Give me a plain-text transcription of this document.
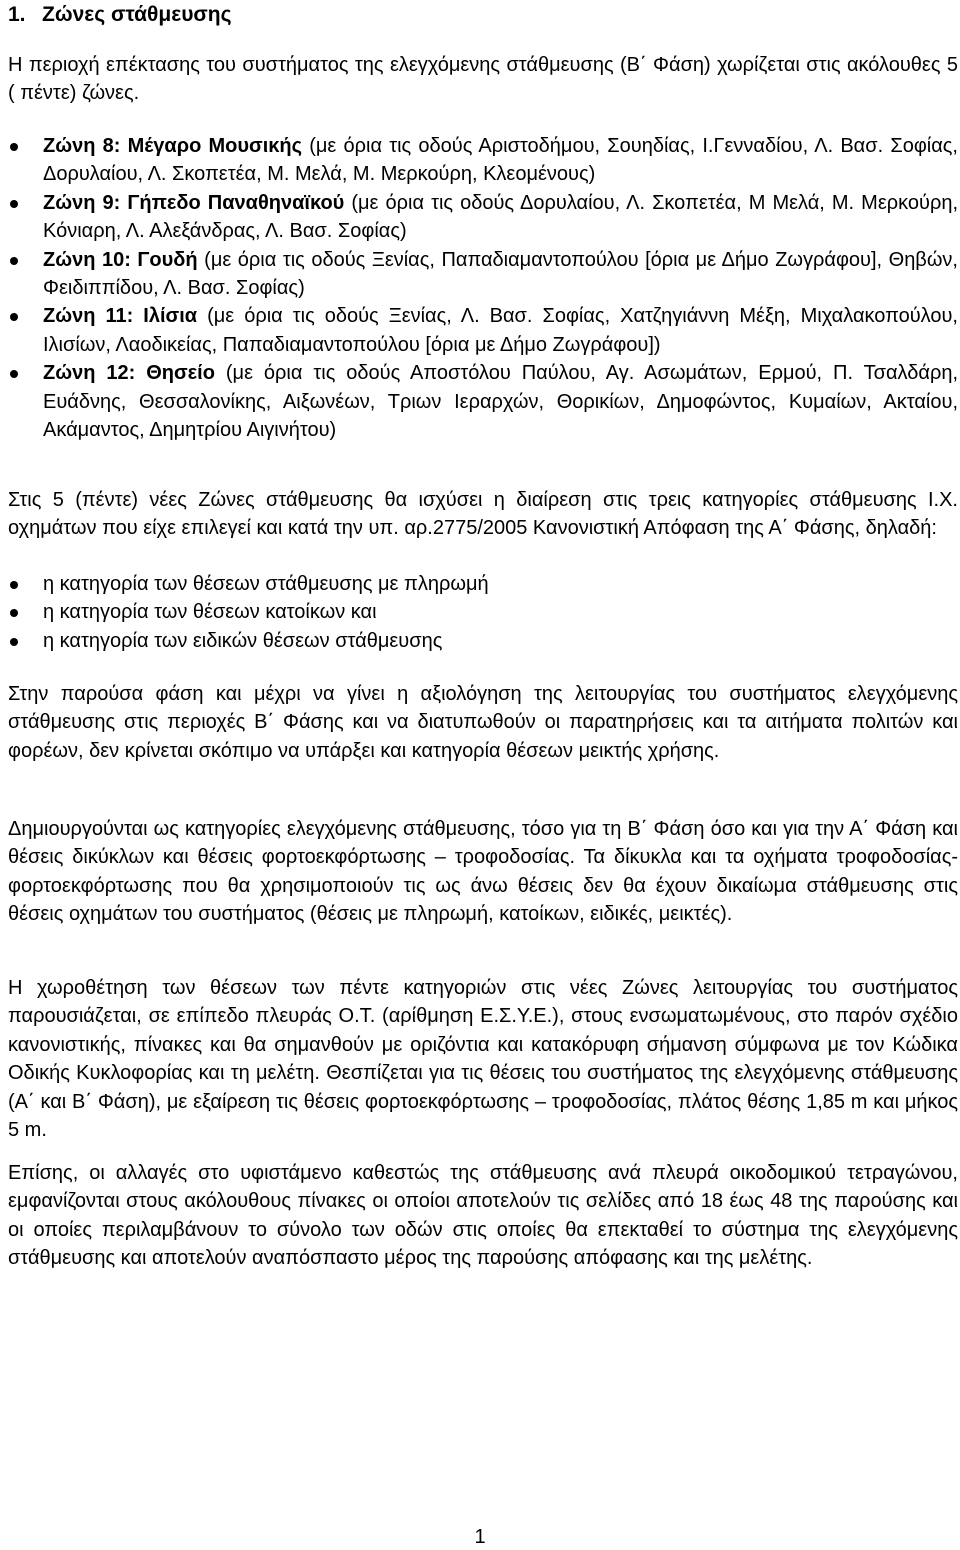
1. Ζώνες στάθμευσης

Η περιοχή επέκτασης του συστήματος της ελεγχόμενης στάθμευσης (Β΄ Φάση) χωρίζεται στις ακόλουθες 5 ( πέντε) ζώνες.

Ζώνη 8: Μέγαρο Μουσικής (με όρια τις οδούς Αριστοδήμου, Σουηδίας, Ι.Γενναδίου, Λ. Βασ. Σοφίας, Δορυλαίου, Λ. Σκοπετέα, Μ. Μελά, Μ. Μερκούρη, Κλεομένους)
Ζώνη 9: Γήπεδο Παναθηναϊκού (με όρια τις οδούς Δορυλαίου, Λ. Σκοπετέα, Μ Μελά, Μ. Μερκούρη, Κόνιαρη, Λ. Αλεξάνδρας, Λ. Βασ. Σοφίας)
Ζώνη 10: Γουδή (με όρια τις οδούς Ξενίας, Παπαδιαμαντοπούλου [όρια με Δήμο Ζωγράφου], Θηβών, Φειδιππίδου, Λ. Βασ. Σοφίας)
Ζώνη 11: Ιλίσια (με όρια τις οδούς Ξενίας, Λ. Βασ. Σοφίας, Χατζηγιάννη Μέξη, Μιχαλακοπούλου, Ιλισίων, Λαοδικείας, Παπαδιαμαντοπούλου [όρια με Δήμο Ζωγράφου])
Ζώνη 12: Θησείο (με όρια τις οδούς Αποστόλου Παύλου, Αγ. Ασωμάτων, Ερμού, Π. Τσαλδάρη, Ευάδνης, Θεσσαλονίκης, Αιξωνέων, Τριων Ιεραρχών, Θορικίων, Δημοφώντος, Κυμαίων, Ακταίου, Ακάμαντος, Δημητρίου Αιγινήτου)

Στις 5 (πέντε) νέες Ζώνες στάθμευσης θα ισχύσει η διαίρεση στις τρεις κατηγορίες στάθμευσης Ι.Χ. οχημάτων που είχε επιλεγεί και κατά την υπ. αρ.2775/2005 Κανονιστική Απόφαση της Α΄ Φάσης, δηλαδή:

η κατηγορία των θέσεων στάθμευσης με πληρωμή
η κατηγορία των θέσεων κατοίκων και
η κατηγορία των ειδικών θέσεων στάθμευσης

Στην παρούσα φάση και μέχρι να γίνει η αξιολόγηση της λειτουργίας του συστήματος ελεγχόμενης στάθμευσης στις περιοχές Β΄ Φάσης και να διατυπωθούν οι παρατηρήσεις και τα αιτήματα πολιτών και φορέων, δεν κρίνεται σκόπιμο να υπάρξει και κατηγορία θέσεων μεικτής χρήσης.

Δημιουργούνται ως κατηγορίες ελεγχόμενης στάθμευσης, τόσο για τη Β΄ Φάση όσο και για την Α΄ Φάση και θέσεις δικύκλων και θέσεις φορτοεκφόρτωσης – τροφοδοσίας. Τα δίκυκλα και τα οχήματα τροφοδοσίας-φορτοεκφόρτωσης που θα χρησιμοποιούν τις ως άνω θέσεις δεν θα έχουν δικαίωμα στάθμευσης στις θέσεις οχημάτων του συστήματος (θέσεις με πληρωμή, κατοίκων, ειδικές, μεικτές).

Η χωροθέτηση των θέσεων των πέντε κατηγοριών στις νέες Ζώνες λειτουργίας του συστήματος παρουσιάζεται, σε επίπεδο πλευράς Ο.Τ. (αρίθμηση Ε.Σ.Υ.Ε.), στους ενσωματωμένους, στο παρόν σχέδιο κανονιστικής, πίνακες και θα σημανθούν με οριζόντια και κατακόρυφη σήμανση σύμφωνα με τον Κώδικα Οδικής Κυκλοφορίας και τη μελέτη. Θεσπίζεται για τις θέσεις του συστήματος της ελεγχόμενης στάθμευσης (Α΄ και Β΄ Φάση), με εξαίρεση τις θέσεις φορτοεκφόρτωσης – τροφοδοσίας, πλάτος θέσης 1,85 m και μήκος 5 m.

Επίσης, οι αλλαγές στο υφιστάμενο καθεστώς της στάθμευσης ανά πλευρά οικοδομικού τετραγώνου, εμφανίζονται στους ακόλουθους πίνακες οι οποίοι αποτελούν τις σελίδες από 18 έως 48 της παρούσης και οι οποίες περιλαμβάνουν το σύνολο των οδών στις οποίες θα επεκταθεί το σύστημα της ελεγχόμενης στάθμευσης και αποτελούν αναπόσπαστο μέρος της παρούσης απόφασης και της μελέτης.

1
